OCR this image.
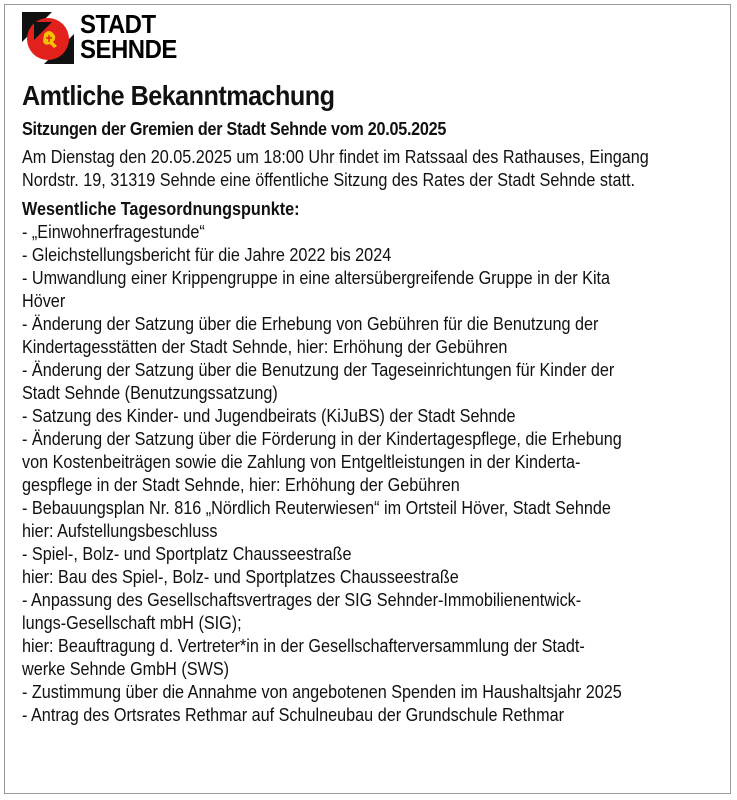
STADT
SEHNDE
Amtliche Bekanntmachung
Sitzungen der Gremien der Stadt Sehnde vom 20.05.2025
Am Dienstag den 20.05.2025 um 18:00 Uhr findet im Ratssaal des Rathauses, Eingang Nordstr. 19, 31319 Sehnde eine öffentliche Sitzung des Rates der Stadt Sehnde statt.
Wesentliche Tagesordnungspunkte:
- „Einwohnerfragestunde“
- Gleichstellungsbericht für die Jahre 2022 bis 2024
- Umwandlung einer Krippengruppe in eine altersübergreifende Gruppe in der Kita
Höver
- Änderung der Satzung über die Erhebung von Gebühren für die Benutzung der
Kindertagesstätten der Stadt Sehnde, hier: Erhöhung der Gebühren
- Änderung der Satzung über die Benutzung der Tageseinrichtungen für Kinder der
Stadt Sehnde (Benutzungssatzung)
- Satzung des Kinder- und Jugendbeirats (KiJuBS) der Stadt Sehnde
- Änderung der Satzung über die Förderung in der Kindertagespflege, die Erhebung
von Kostenbeiträgen sowie die Zahlung von Entgeltleistungen in der Kinderta-
gespflege in der Stadt Sehnde, hier: Erhöhung der Gebühren
- Bebauungsplan Nr. 816 „Nördlich Reuterwiesen“ im Ortsteil Höver, Stadt Sehnde
hier: Aufstellungsbeschluss
- Spiel-, Bolz- und Sportplatz Chausseestraße
hier: Bau des Spiel-, Bolz- und Sportplatzes Chausseestraße
- Anpassung des Gesellschaftsvertrages der SIG Sehnder-Immobilienentwick-
lungs-Gesellschaft mbH (SIG);
hier: Beauftragung d. Vertreter*in in der Gesellschafterversammlung der Stadt-
werke Sehnde GmbH (SWS)
- Zustimmung über die Annahme von angebotenen Spenden im Haushaltsjahr 2025
- Antrag des Ortsrates Rethmar auf Schulneubau der Grundschule Rethmar
